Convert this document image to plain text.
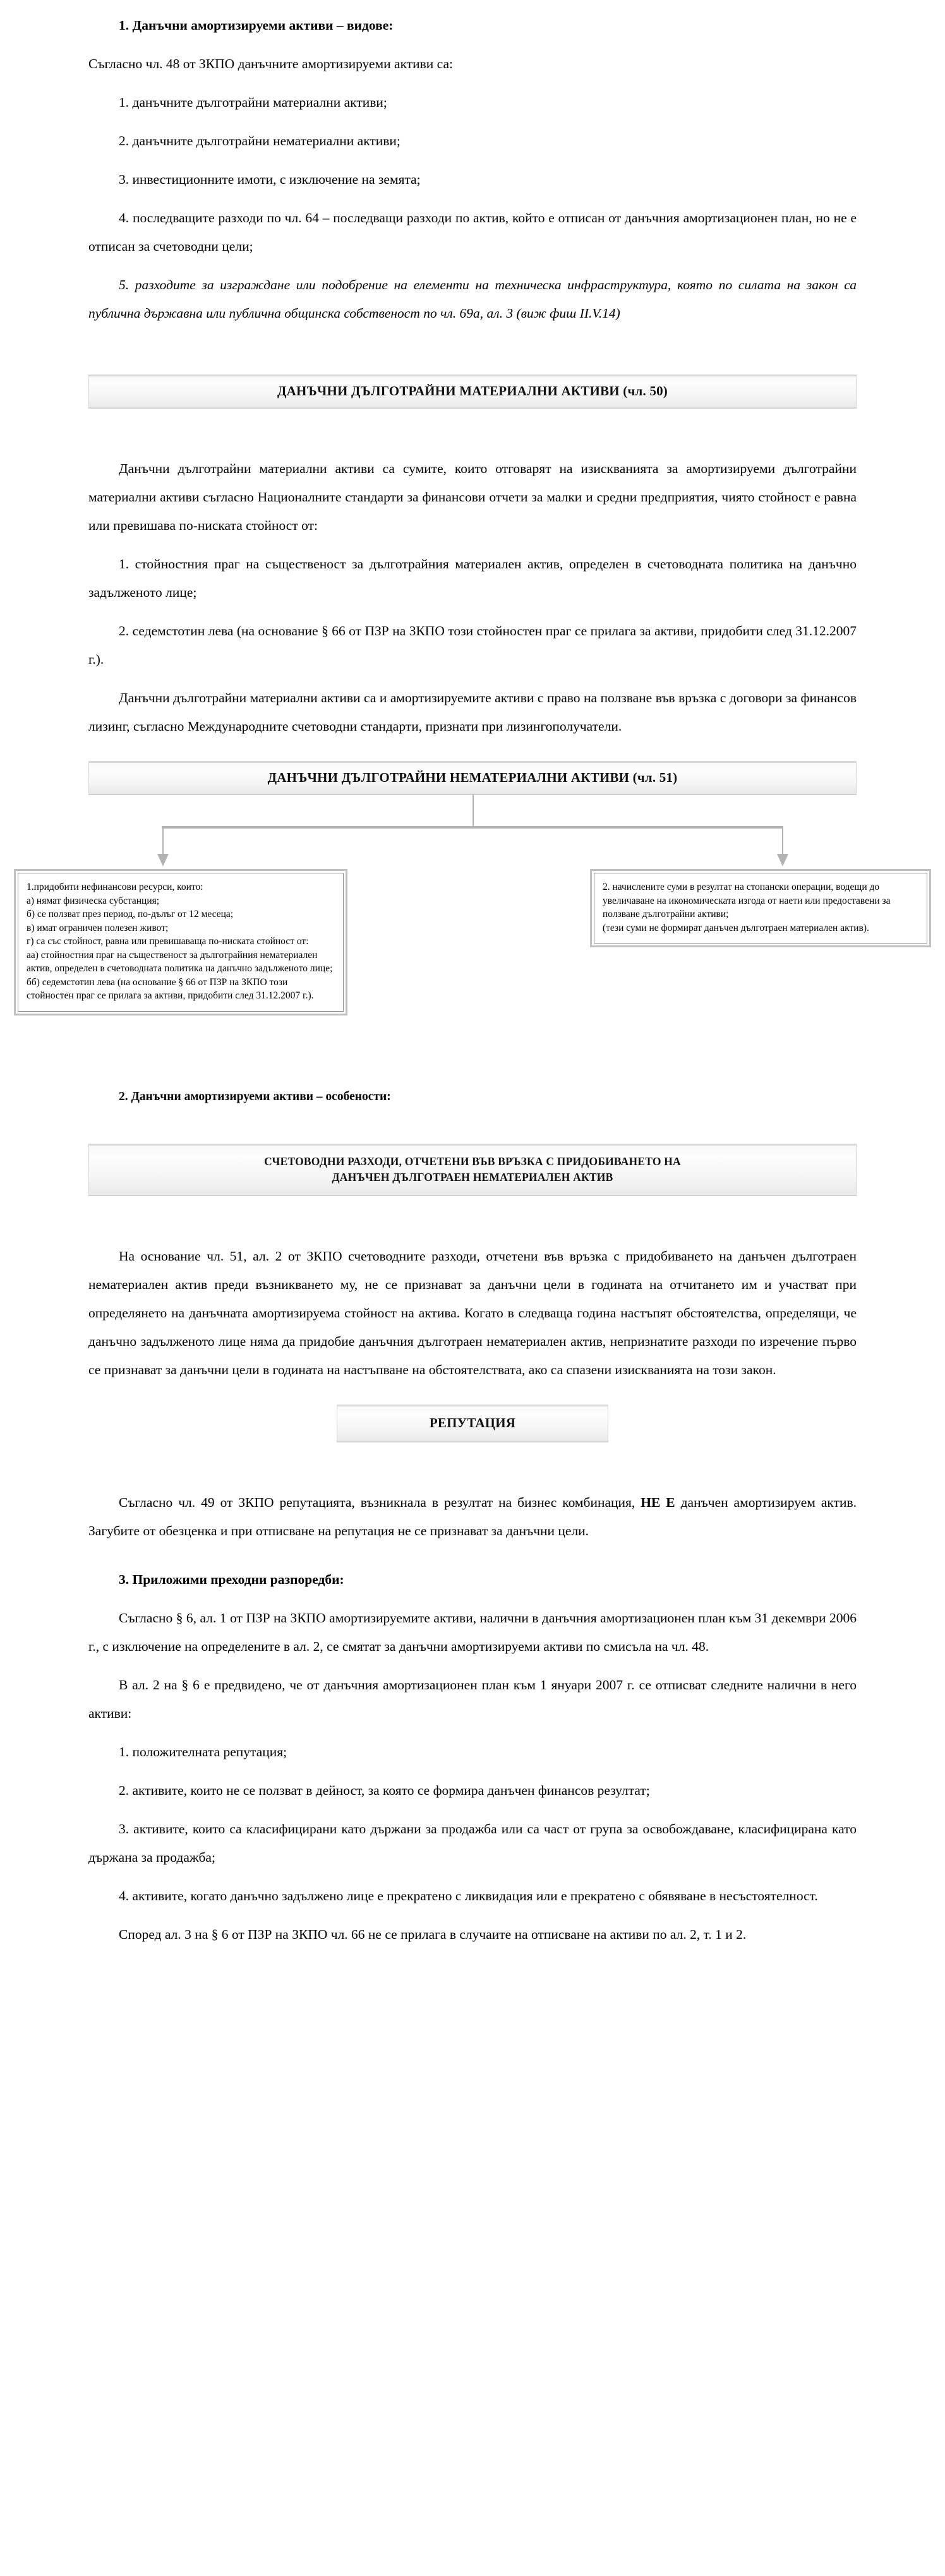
1. Данъчни амортизируеми активи – видове:

Съгласно чл. 48 от ЗКПО данъчните амортизируеми активи са:

1. данъчните дълготрайни материални активи;

2. данъчните дълготрайни нематериални активи;

3. инвестиционните имоти, с изключение на земята;

4. последващите разходи по чл. 64 – последващи разходи по актив, който е отписан от данъчния амортизационен план, но не е отписан за счетоводни цели;

5. разходите за изграждане или подобрение на елементи на техническа инфраструктура, която по силата на закон са публична държавна или публична общинска собственост по чл. 69а, ал. 3 (виж фиш II.V.14)

ДАНЪЧНИ ДЪЛГОТРАЙНИ МАТЕРИАЛНИ АКТИВИ (чл. 50)

Данъчни дълготрайни материални активи са сумите, които отговарят на изискванията за амортизируеми дълготрайни материални активи съгласно Националните стандарти за финансови отчети за малки и средни предприятия, чиято стойност е равна или превишава по-ниската стойност от:

1. стойностния праг на същественост за дълготрайния материален актив, определен в счетоводната политика на данъчно задълженото лице;

2. седемстотин лева (на основание § 66 от ПЗР на ЗКПО този стойностен праг се прилага за активи, придобити след 31.12.2007 г.).

Данъчни дълготрайни материални активи са и амортизируемите активи с право на ползване във връзка с договори за финансов лизинг, съгласно Международните счетоводни стандарти, признати при лизингополучатели.

ДАНЪЧНИ ДЪЛГОТРАЙНИ НЕМАТЕРИАЛНИ АКТИВИ (чл. 51)

1.придобити нефинансови ресурси, които:

а) нямат физическа субстанция;

б) се ползват през период, по-дълъг от 12 месеца;

в) имат ограничен полезен живот;

г) са със стойност, равна или превишаваща по-ниската стойност от:

аа) стойностния праг на същественост за дълготрайния нематериален актив, определен в счетоводната политика на данъчно задълженото лице;

бб) седемстотин лева (на основание § 66 от ПЗР на ЗКПО този стойностен праг се прилага за активи, придобити след 31.12.2007 г.).

2. начислените суми в резултат на стопански операции, водещи до увеличаване на икономическата изгода от наети или предоставени за ползване дълготрайни активи;

(тези суми не формират данъчен дълготраен материален актив).

2. Данъчни амортизируеми активи – особености:

СЧЕТОВОДНИ РАЗХОДИ, ОТЧЕТЕНИ ВЪВ ВРЪЗКА С ПРИДОБИВАНЕТО НА
ДАНЪЧЕН ДЪЛГОТРАЕН НЕМАТЕРИАЛЕН АКТИВ

На основание чл. 51, ал. 2 от ЗКПО счетоводните разходи, отчетени във връзка с придобиването на данъчен дълготраен нематериален актив преди възникването му, не се признават за данъчни цели в годината на отчитането им и участват при определянето на данъчната амортизируема стойност на актива. Когато в следваща година настъпят обстоятелства, определящи, че данъчно задълженото лице няма да придобие данъчния дълготраен нематериален актив, непризнатите разходи по изречение първо се признават за данъчни цели в годината на настъпване на обстоятелствата, ако са спазени изискванията на този закон.

РЕПУТАЦИЯ

Съгласно чл. 49 от ЗКПО репутацията, възникнала в резултат на бизнес комбинация, НЕ Е данъчен амортизируем актив. Загубите от обезценка и при отписване на репутация не се признават за данъчни цели.

3. Приложими преходни разпоредби:

Съгласно § 6, ал. 1 от ПЗР на ЗКПО амортизируемите активи, налични в данъчния амортизационен план към 31 декември 2006 г., с изключение на определените в ал. 2, се смятат за данъчни амортизируеми активи по смисъла на чл. 48.

В ал. 2 на § 6 е предвидено, че от данъчния амортизационен план към 1 януари 2007 г. се отписват следните налични в него активи:

1. положителната репутация;

2. активите, които не се ползват в дейност, за която се формира данъчен финансов резултат;

3. активите, които са класифицирани като държани за продажба или са част от група за освобождаване, класифицирана като държана за продажба;

4. активите, когато данъчно задължено лице е прекратено с ликвидация или е прекратено с обявяване в несъстоятелност.

Според ал. 3 на § 6 от ПЗР на ЗКПО чл. 66 не се прилага в случаите на отписване на активи по ал. 2, т. 1 и 2.
